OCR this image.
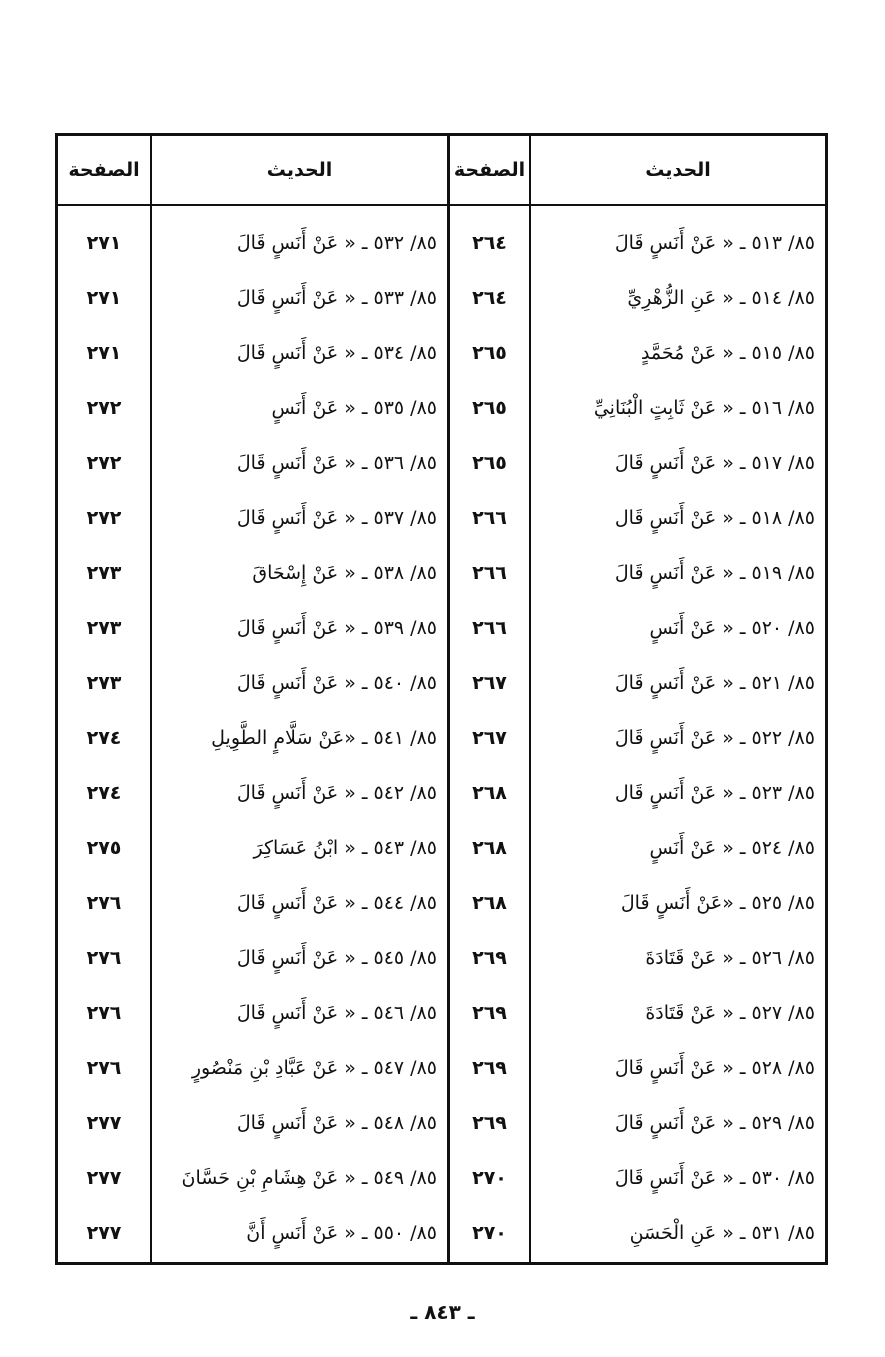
الحديث
٨٥/ ٥١٣ ـ « عَنْ أَنَسٍ قَالَ
٨٥/ ٥١٤ ـ « عَنِ الزُّهْرِيِّ
٨٥/ ٥١٥ ـ « عَنْ مُحَمَّدٍ
٨٥/ ٥١٦ ـ « عَنْ ثَابِتٍ الْبُنَانِيِّ
٨٥/ ٥١٧ ـ « عَنْ أَنَسٍ قَالَ
٨٥/ ٥١٨ ـ « عَنْ أَنَسٍ قَال
٨٥/ ٥١٩ ـ « عَنْ أَنَسٍ قَالَ
٨٥/ ٥٢٠ ـ « عَنْ أَنَسٍ
٨٥/ ٥٢١ ـ « عَنْ أَنَسٍ قَالَ
٨٥/ ٥٢٢ ـ « عَنْ أَنَسٍ قَالَ
٨٥/ ٥٢٣ ـ « عَنْ أَنَسٍ قَال
٨٥/ ٥٢٤ ـ « عَنْ أَنَسٍ
٨٥/ ٥٢٥ ـ «عَنْ أَنَسٍ قَالَ
٨٥/ ٥٢٦ ـ « عَنْ قَتَادَةَ
٨٥/ ٥٢٧ ـ « عَنْ قَتَادَةَ
٨٥/ ٥٢٨ ـ « عَنْ أَنَسٍ قَالَ
٨٥/ ٥٢٩ ـ « عَنْ أَنَسٍ قَالَ
٨٥/ ٥٣٠ ـ « عَنْ أَنَسٍ قَالَ
٨٥/ ٥٣١ ـ « عَنِ الْحَسَنِ
الصفحة
٢٦٤
٢٦٤
٢٦٥
٢٦٥
٢٦٥
٢٦٦
٢٦٦
٢٦٦
٢٦٧
٢٦٧
٢٦٨
٢٦٨
٢٦٨
٢٦٩
٢٦٩
٢٦٩
٢٦٩
٢٧٠
٢٧٠
الحديث
٨٥/ ٥٣٢ ـ « عَنْ أَنَسٍ قَالَ
٨٥/ ٥٣٣ ـ « عَنْ أَنَسٍ قَالَ
٨٥/ ٥٣٤ ـ « عَنْ أَنَسٍ قَالَ
٨٥/ ٥٣٥ ـ « عَنْ أَنَسٍ
٨٥/ ٥٣٦ ـ « عَنْ أَنَسٍ قَالَ
٨٥/ ٥٣٧ ـ « عَنْ أَنَسٍ قَالَ
٨٥/ ٥٣٨ ـ « عَنْ إِسْحَاقَ
٨٥/ ٥٣٩ ـ « عَنْ أَنَسٍ قَالَ
٨٥/ ٥٤٠ ـ « عَنْ أَنَسٍ قَالَ
٨٥/ ٥٤١ ـ «عَنْ سَلَّامٍ الطَّوِيلِ
٨٥/ ٥٤٢ ـ « عَنْ أَنَسٍ قَالَ
٨٥/ ٥٤٣ ـ « ابْنُ عَسَاكِرَ
٨٥/ ٥٤٤ ـ « عَنْ أَنَسٍ قَالَ
٨٥/ ٥٤٥ ـ « عَنْ أَنَسٍ قَالَ
٨٥/ ٥٤٦ ـ « عَنْ أَنَسٍ قَالَ
٨٥/ ٥٤٧ ـ « عَنْ عَبَّادِ بْنِ مَنْصُورٍ
٨٥/ ٥٤٨ ـ « عَنْ أَنَسٍ قَالَ
٨٥/ ٥٤٩ ـ « عَنْ هِشَامِ بْنِ حَسَّانَ
٨٥/ ٥٥٠ ـ « عَنْ أَنَسٍ أَنَّ
الصفحة
٢٧١
٢٧١
٢٧١
٢٧٢
٢٧٢
٢٧٢
٢٧٣
٢٧٣
٢٧٣
٢٧٤
٢٧٤
٢٧٥
٢٧٦
٢٧٦
٢٧٦
٢٧٦
٢٧٧
٢٧٧
٢٧٧
ـ ٨٤٣ ـ
